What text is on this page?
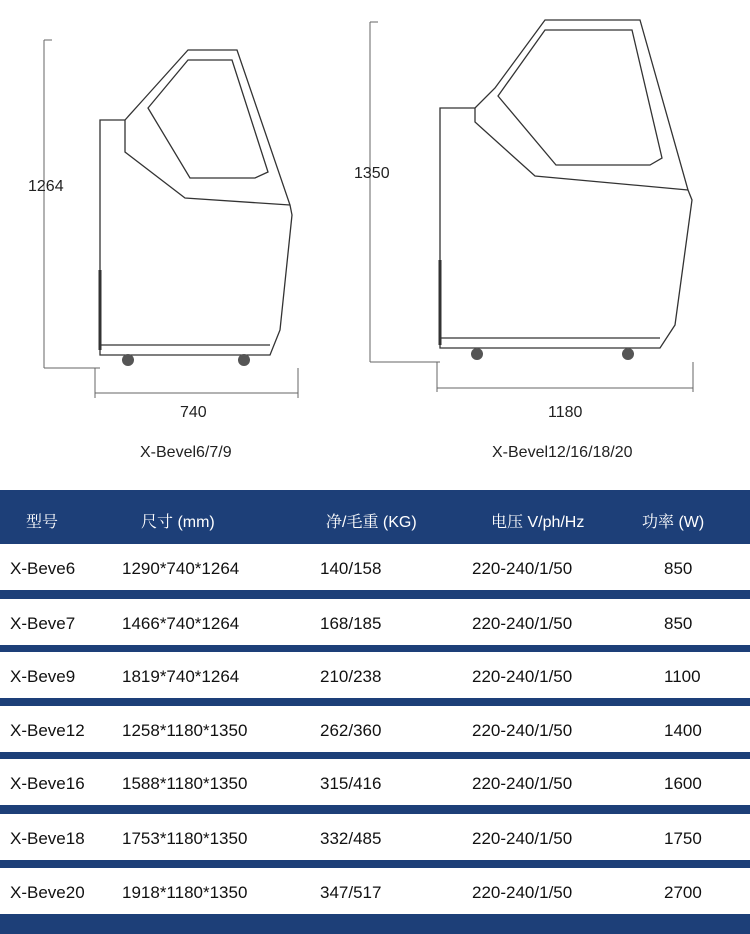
1264
740
X-Bevel6/7/9
1350
1180
X-Bevel12/16/18/20
型号	尺寸 (mm)	净/毛重 (KG)	电压 V/ph/Hz	功率 (W)
X-Beve6	1290*740*1264	140/158	220-240/1/50	850
X-Beve7	1466*740*1264	168/185	220-240/1/50	850
X-Beve9	1819*740*1264	210/238	220-240/1/50	1100
X-Beve12 1258*1180*1350	262/360	220-240/1/50	1400
X-Beve16 1588*1180*1350	315/416	220-240/1/50	1600
X-Beve18 1753*1180*1350	332/485	220-240/1/50	1750
X-Beve20 1918*1180*1350	347/517	220-240/1/50	2700
